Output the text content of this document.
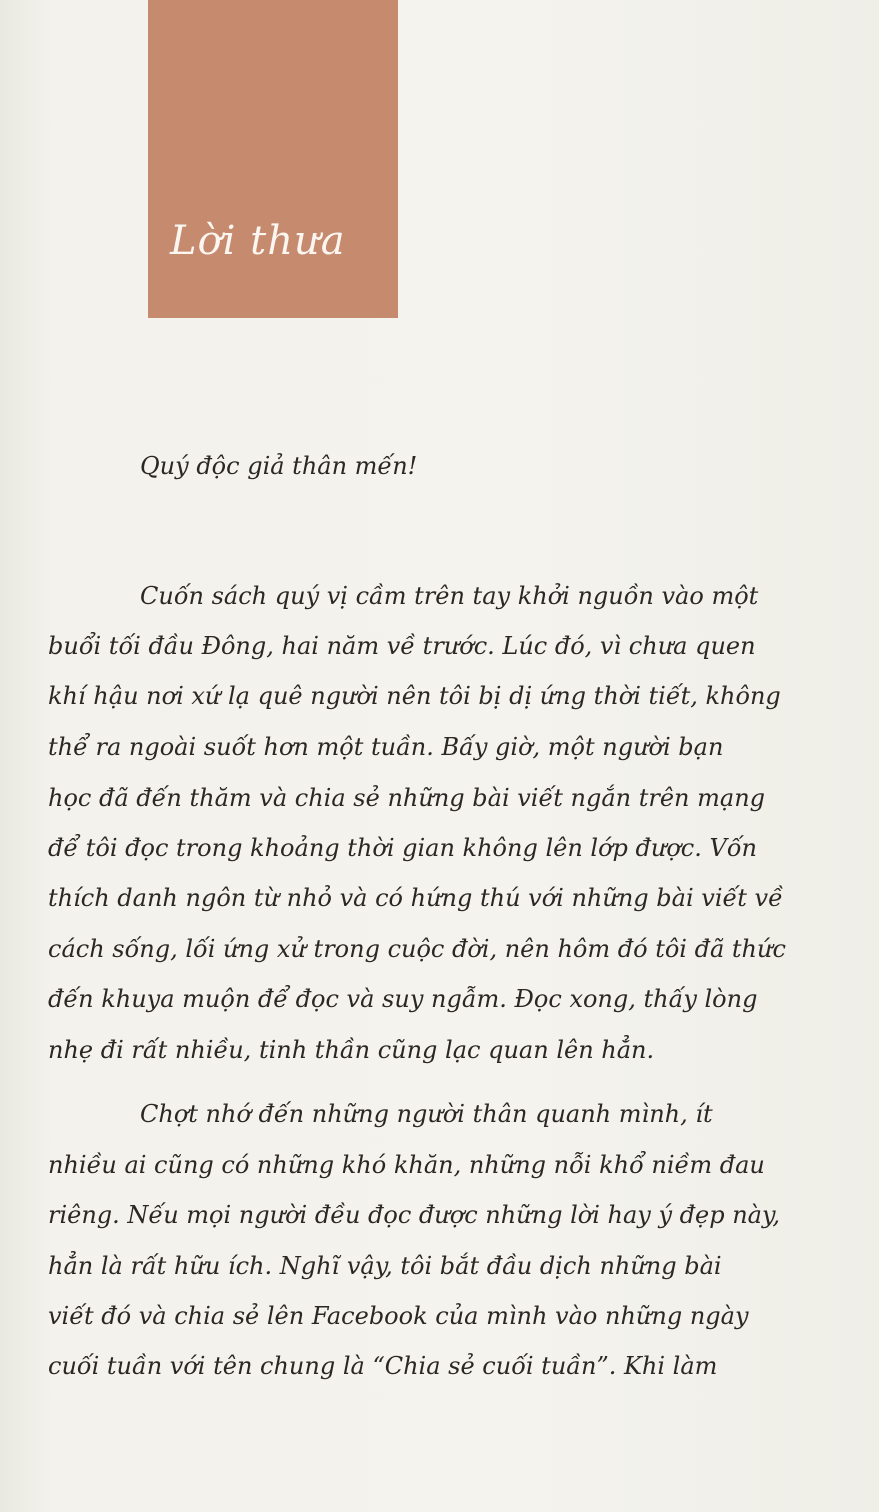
Lời thưa

Quý độc giả thân mến!

Cuốn sách quý vị cầm trên tay khởi nguồn vào một

buổi tối đầu Đông, hai năm về trước. Lúc đó, vì chưa quen

khí hậu nơi xứ lạ quê người nên tôi bị dị ứng thời tiết, không

thể ra ngoài suốt hơn một tuần. Bấy giờ, một người bạn

học đã đến thăm và chia sẻ những bài viết ngắn trên mạng

để tôi đọc trong khoảng thời gian không lên lớp được. Vốn

thích danh ngôn từ nhỏ và có hứng thú với những bài viết về

cách sống, lối ứng xử trong cuộc đời, nên hôm đó tôi đã thức

đến khuya muộn để đọc và suy ngẫm. Đọc xong, thấy lòng

nhẹ đi rất nhiều, tinh thần cũng lạc quan lên hẳn.

Chợt nhớ đến những người thân quanh mình, ít

nhiều ai cũng có những khó khăn, những nỗi khổ niềm đau

riêng. Nếu mọi người đều đọc được những lời hay ý đẹp này,

hẳn là rất hữu ích. Nghĩ vậy, tôi bắt đầu dịch những bài

viết đó và chia sẻ lên Facebook của mình vào những ngày

cuối tuần với tên chung là “Chia sẻ cuối tuần”. Khi làm
